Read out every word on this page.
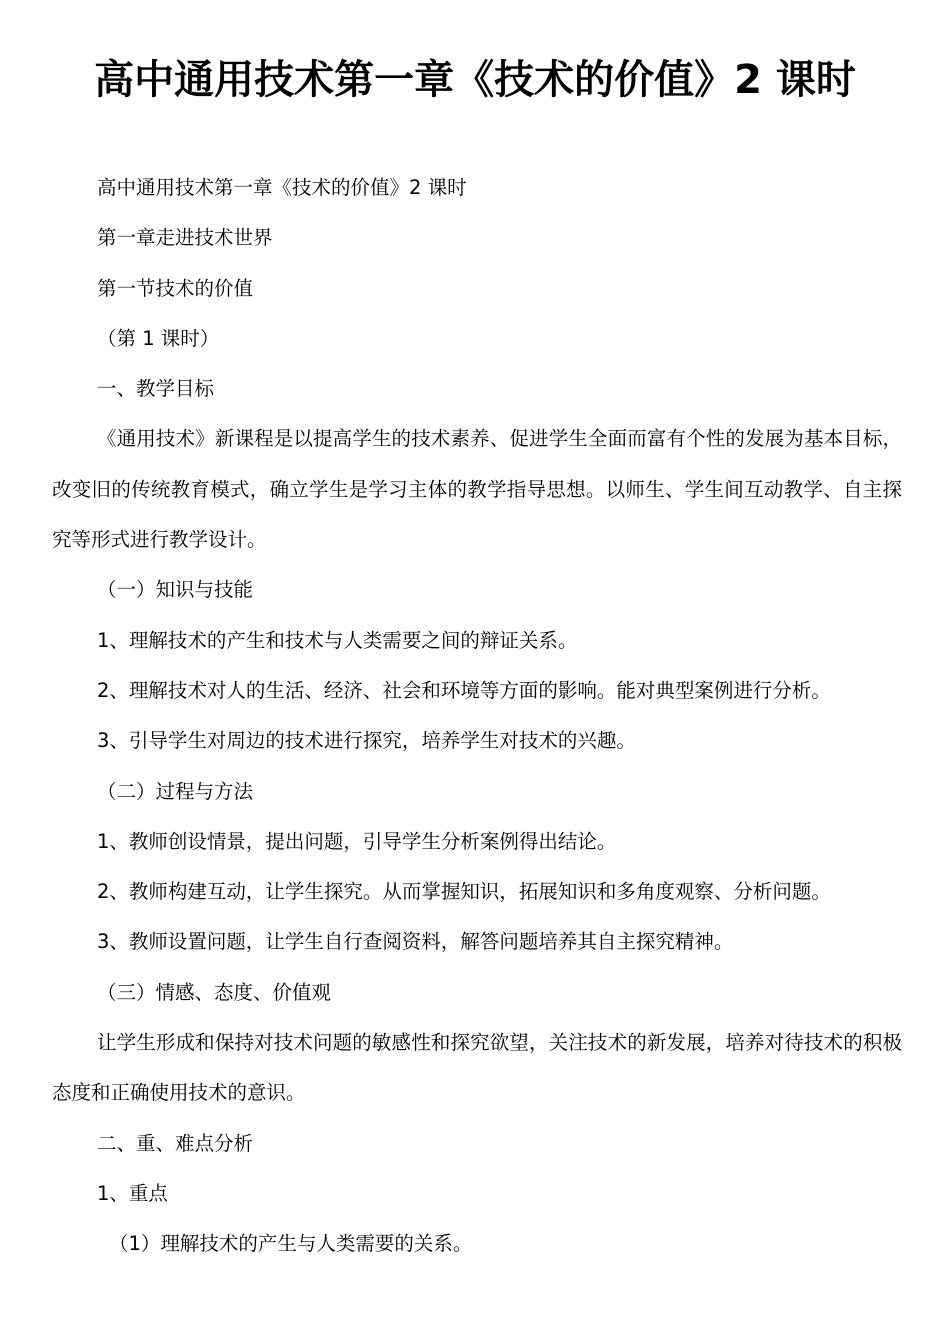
高中通用技术第一章《技术的价值》2 课时

高中通用技术第一章《技术的价值》2 课时

第一章走进技术世界

第一节技术的价值

（第 1 课时）

一、教学目标

《通用技术》新课程是以提高学生的技术素养、促进学生全面而富有个性的发展为基本目标，改变旧的传统教育模式，确立学生是学习主体的教学指导思想。以师生、学生间互动教学、自主探究等形式进行教学设计。

（一）知识与技能

1、理解技术的产生和技术与人类需要之间的辩证关系。

2、理解技术对人的生活、经济、社会和环境等方面的影响。能对典型案例进行分析。

3、引导学生对周边的技术进行探究，培养学生对技术的兴趣。

（二）过程与方法

1、教师创设情景，提出问题，引导学生分析案例得出结论。

2、教师构建互动，让学生探究。从而掌握知识，拓展知识和多角度观察、分析问题。

3、教师设置问题，让学生自行查阅资料，解答问题培养其自主探究精神。

（三）情感、态度、价值观

让学生形成和保持对技术问题的敏感性和探究欲望，关注技术的新发展，培养对待技术的积极态度和正确使用技术的意识。

二、重、难点分析

1、重点

（1）理解技术的产生与人类需要的关系。
